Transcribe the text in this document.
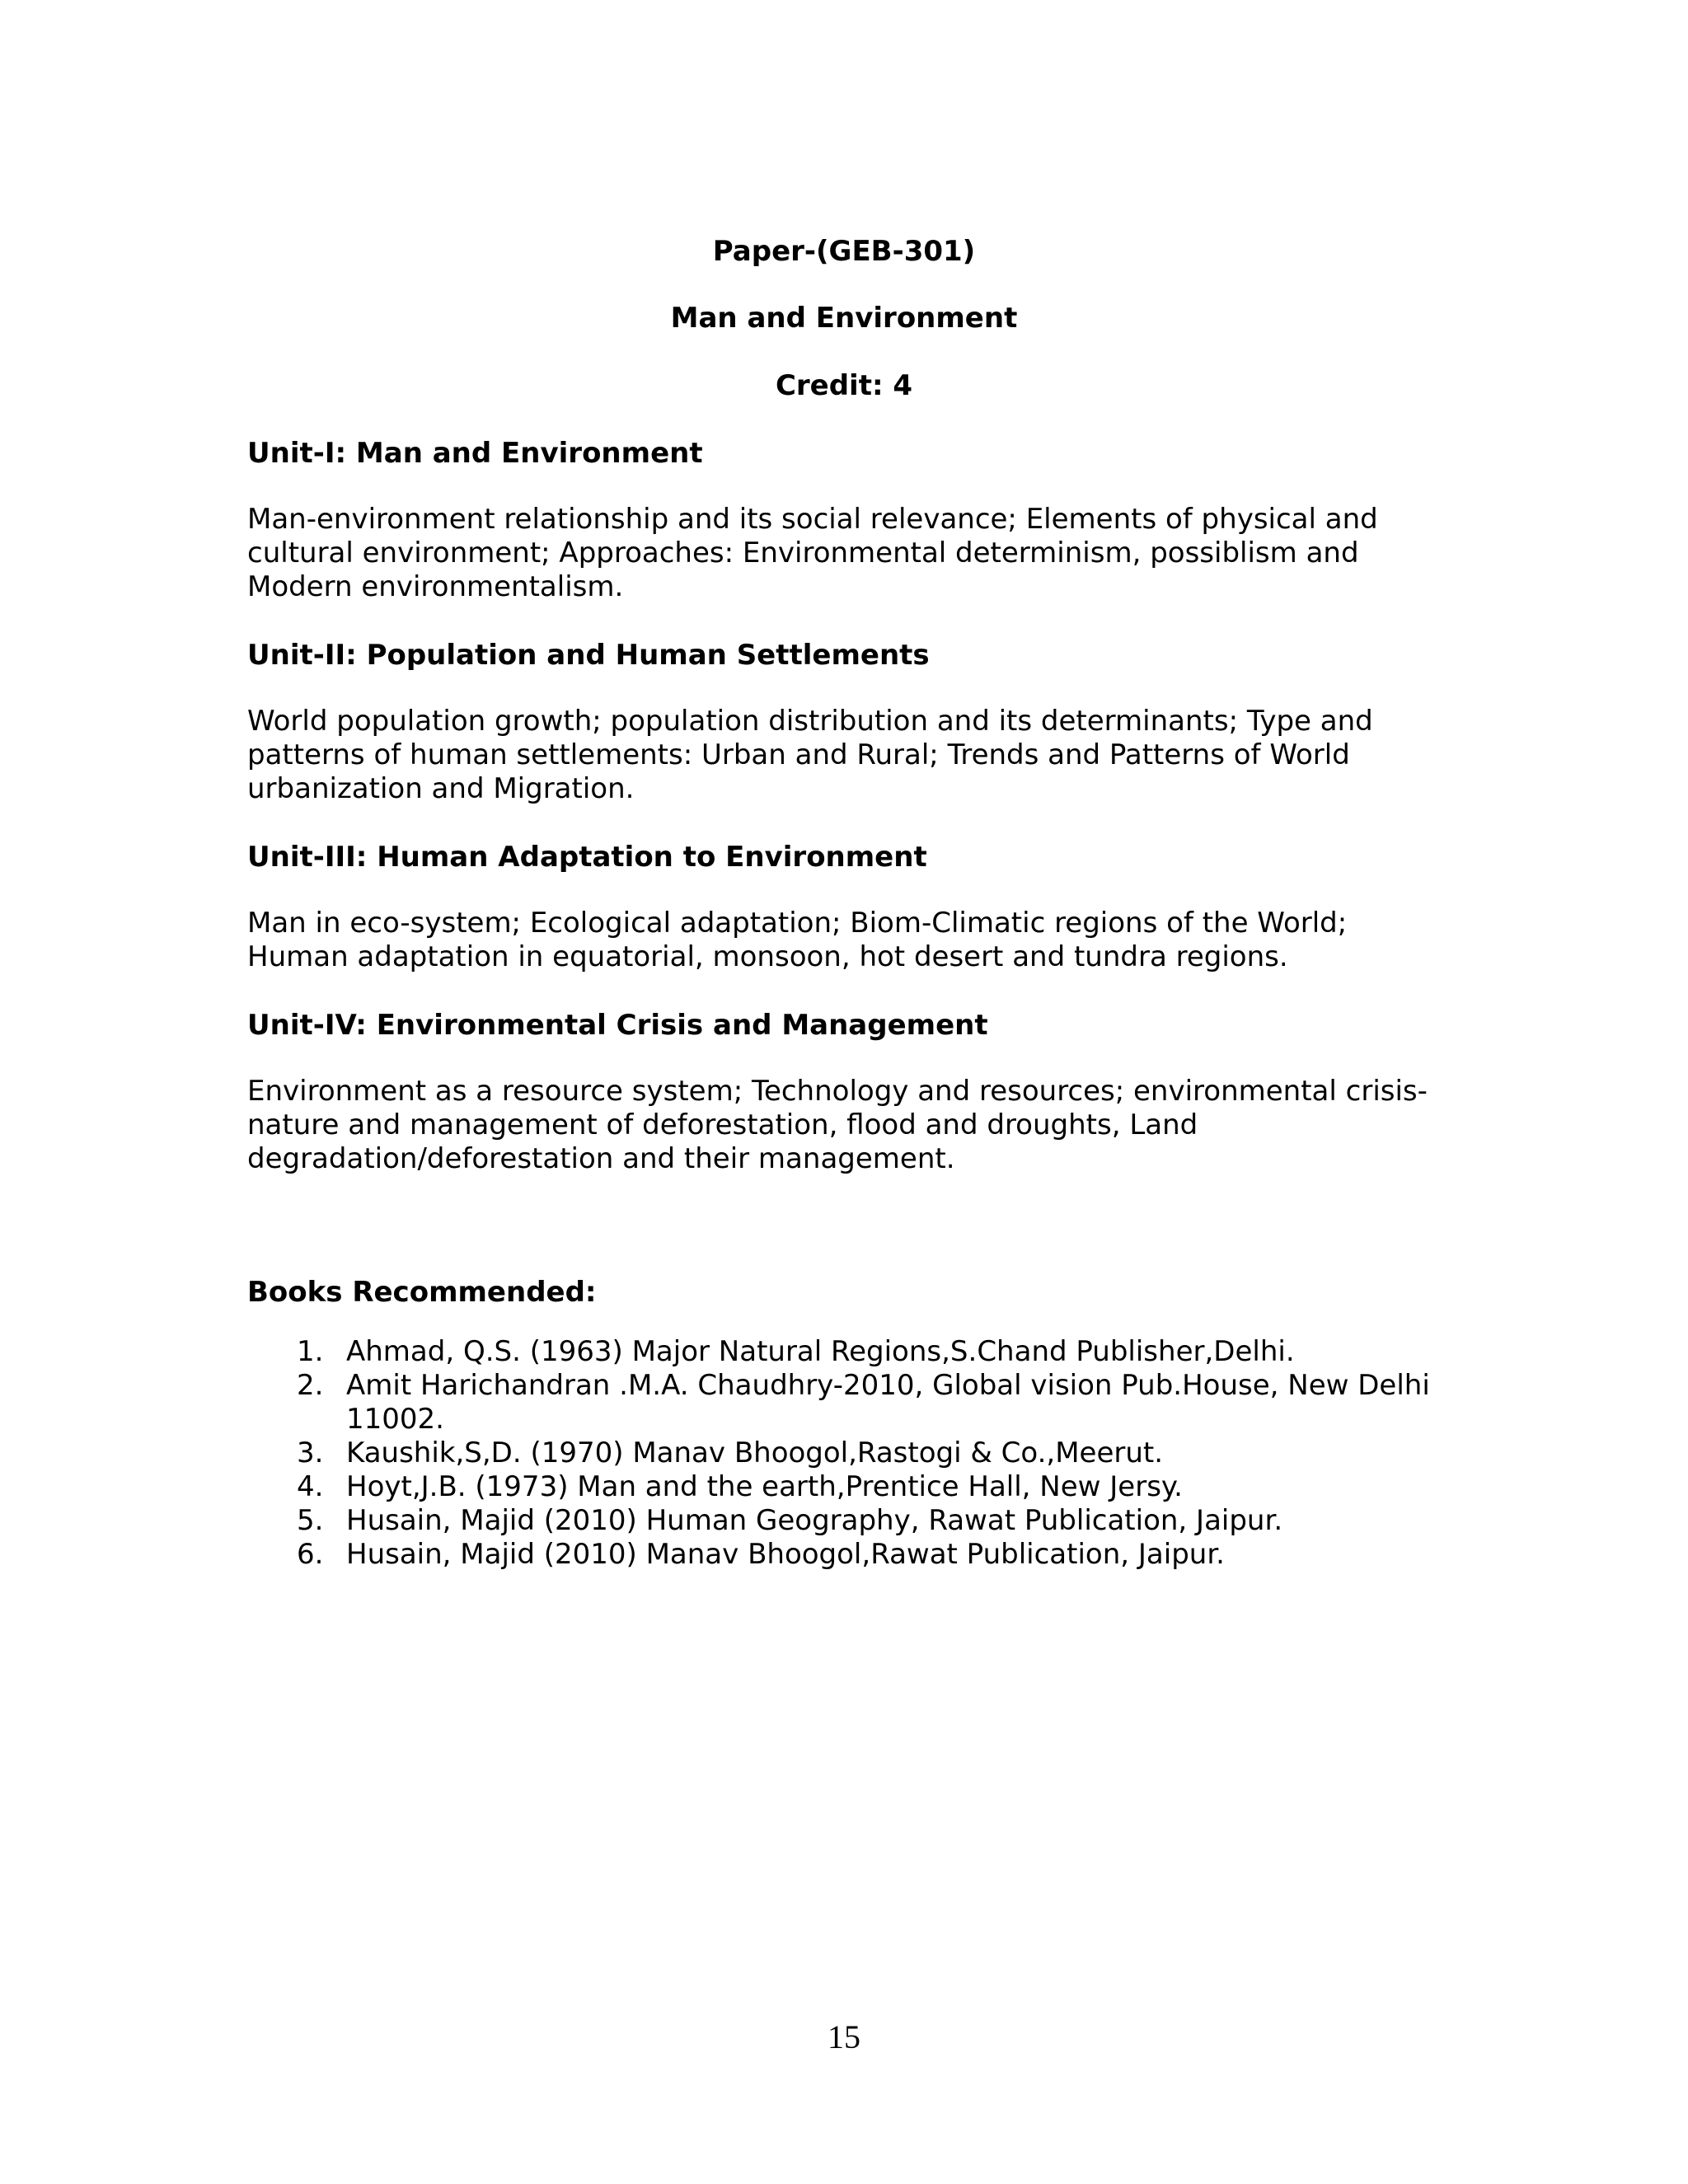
Paper-(GEB-301)
Man and Environment
Credit: 4
Unit-I: Man and Environment

Man-environment relationship and its social relevance; Elements of physical and cultural environment; Approaches: Environmental determinism, possiblism and Modern environmentalism.

Unit-II: Population and Human Settlements

World population growth; population distribution and its determinants; Type and patterns of human settlements: Urban and Rural; Trends and Patterns of World urbanization and Migration.

Unit-III: Human Adaptation to Environment

Man in eco-system; Ecological adaptation; Biom-Climatic regions of the World; Human adaptation in equatorial, monsoon, hot desert and tundra regions.

Unit-IV: Environmental Crisis and Management

Environment as a resource system; Technology and resources; environmental crisis-nature and management of deforestation, flood and droughts, Land degradation/deforestation and their management.

Books Recommended:
1. Ahmad, Q.S. (1963) Major Natural Regions,S.Chand Publisher,Delhi.
2. Amit Harichandran .M.A. Chaudhry-2010, Global vision Pub.House, New Delhi 11002.
3. Kaushik,S,D. (1970) Manav Bhoogol,Rastogi & Co.,Meerut.
4. Hoyt,J.B. (1973) Man and the earth,Prentice Hall, New Jersy.
5. Husain, Majid (2010) Human Geography, Rawat Publication, Jaipur.
6. Husain, Majid (2010) Manav Bhoogol,Rawat Publication, Jaipur.
15
